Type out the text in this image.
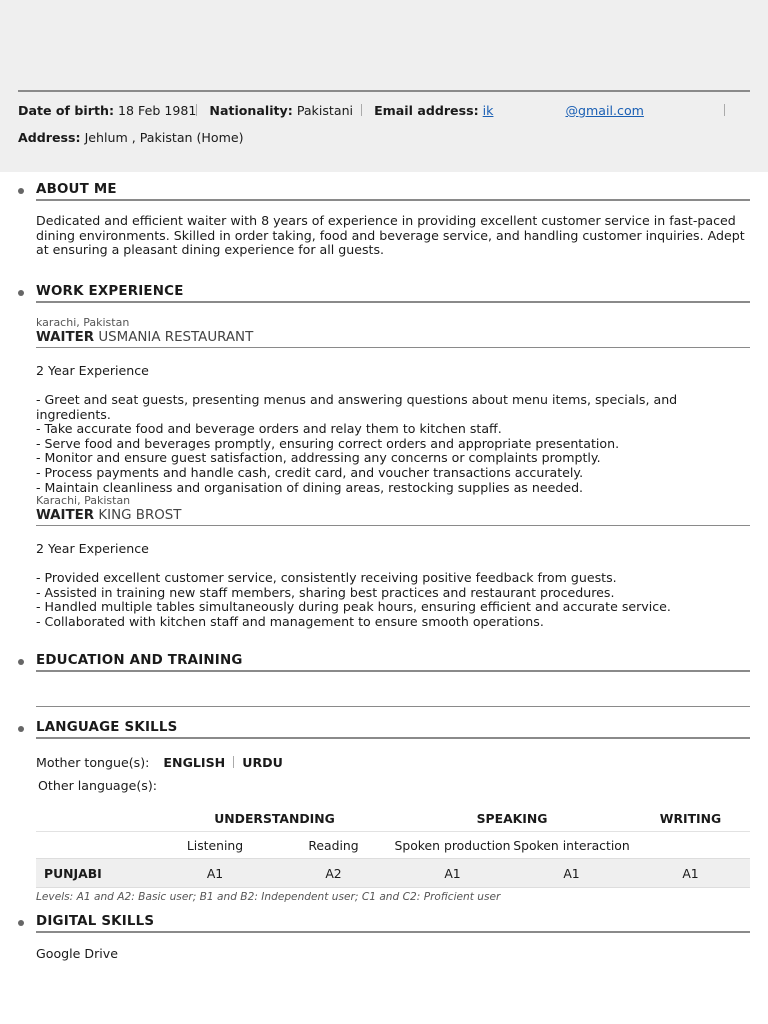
Date of birth: 18 Feb 1981 Nationality: Pakistani Email address: ik	@gmail.com
Address: Jehlum , Pakistan (Home)
ABOUT ME
Dedicated and efficient waiter with 8 years of experience in providing excellent customer service in fast-paced dining environments. Skilled in order taking, food and beverage service, and handling customer inquiries. Adept at ensuring a pleasant dining experience for all guests.
WORK EXPERIENCE
karachi, Pakistan
WAITER USMANIA RESTAURANT
2 Year Experience
- Greet and seat guests, presenting menus and answering questions about menu items, specials, and ingredients.
- Take accurate food and beverage orders and relay them to kitchen staff.
- Serve food and beverages promptly, ensuring correct orders and appropriate presentation.
- Monitor and ensure guest satisfaction, addressing any concerns or complaints promptly.
- Process payments and handle cash, credit card, and voucher transactions accurately.
- Maintain cleanliness and organisation of dining areas, restocking supplies as needed.
Karachi, Pakistan
WAITER KING BROST
2 Year Experience
- Provided excellent customer service, consistently receiving positive feedback from guests.
- Assisted in training new staff members, sharing best practices and restaurant procedures.
- Handled multiple tables simultaneously during peak hours, ensuring efficient and accurate service.
- Collaborated with kitchen staff and management to ensure smooth operations.
EDUCATION AND TRAINING
LANGUAGE SKILLS
Mother tongue(s): ENGLISH URDU
Other language(s):
	UNDERSTANDING		SPEAKING		WRITING
	Listening	Reading	Spoken production	Spoken interaction	
PUNJABI	A1	A2	A1	A1	A1
Levels: A1 and A2: Basic user; B1 and B2: Independent user; C1 and C2: Proficient user
DIGITAL SKILLS
Google Drive
